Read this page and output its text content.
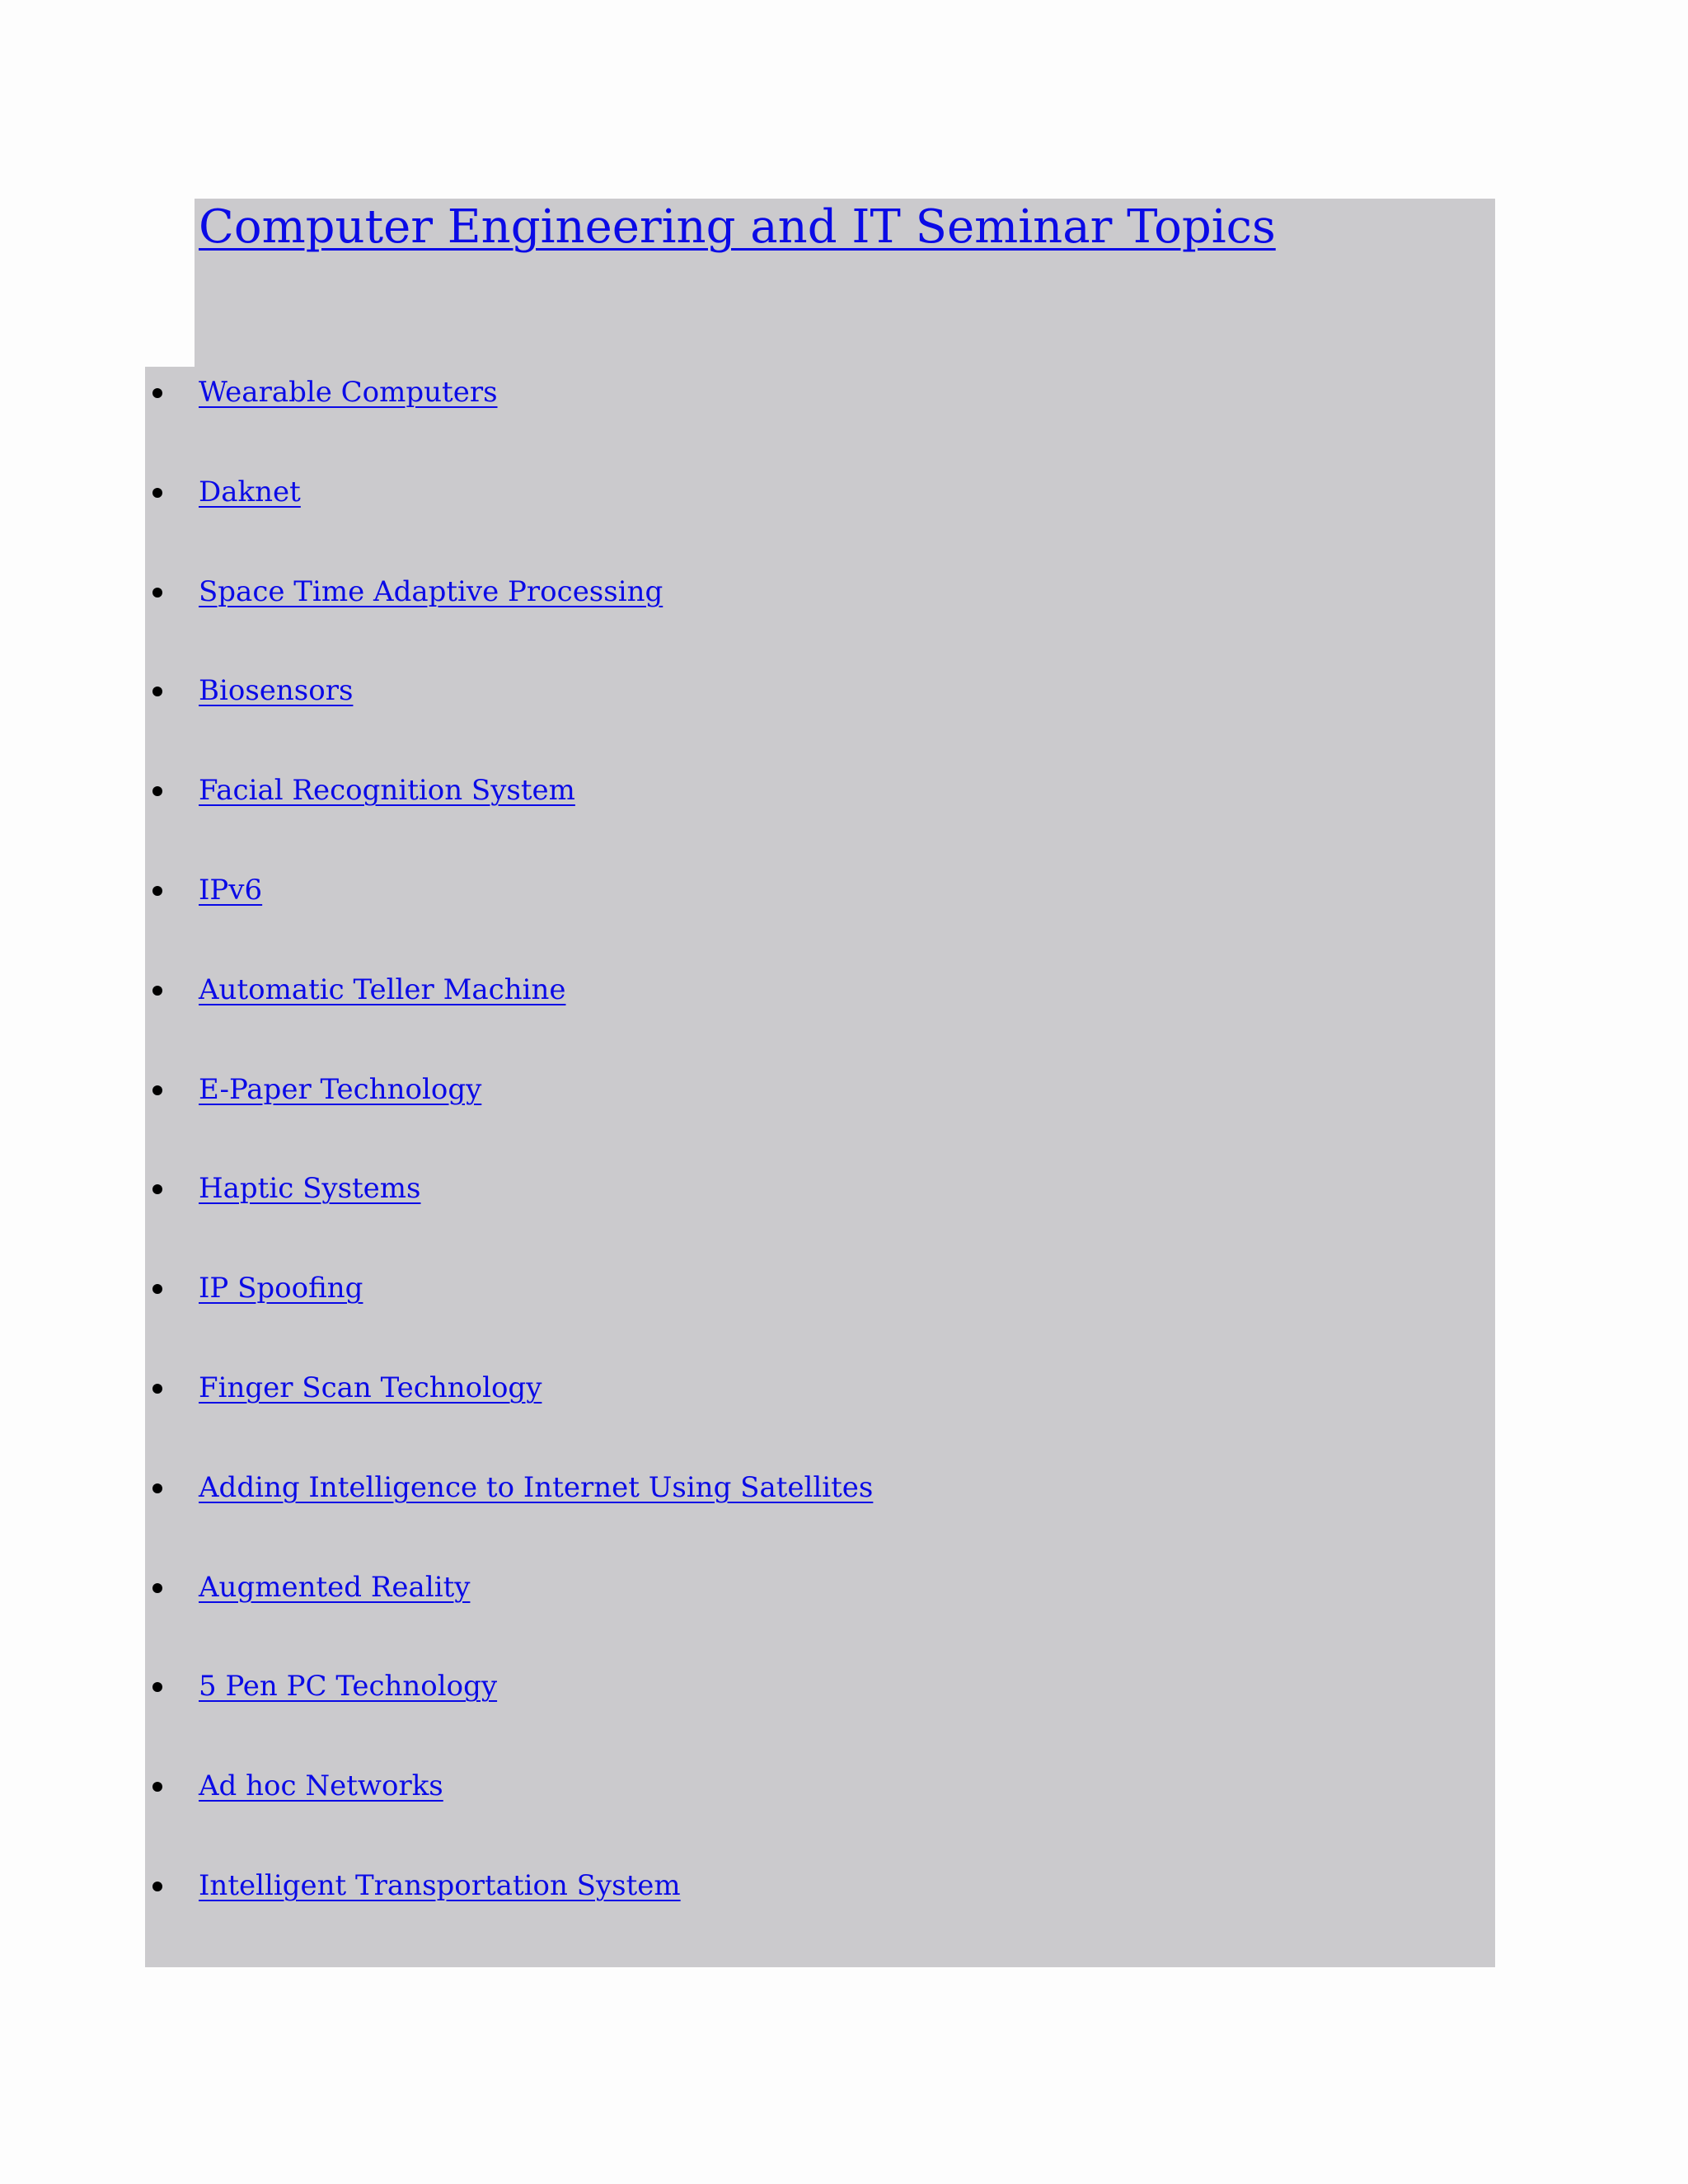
Computer Engineering and IT Seminar Topics
Wearable Computers
Daknet
Space Time Adaptive Processing
Biosensors
Facial Recognition System
IPv6
Automatic Teller Machine
E-Paper Technology
Haptic Systems
IP Spoofing
Finger Scan Technology
Adding Intelligence to Internet Using Satellites
Augmented Reality
5 Pen PC Technology
Ad hoc Networks
Intelligent Transportation System
